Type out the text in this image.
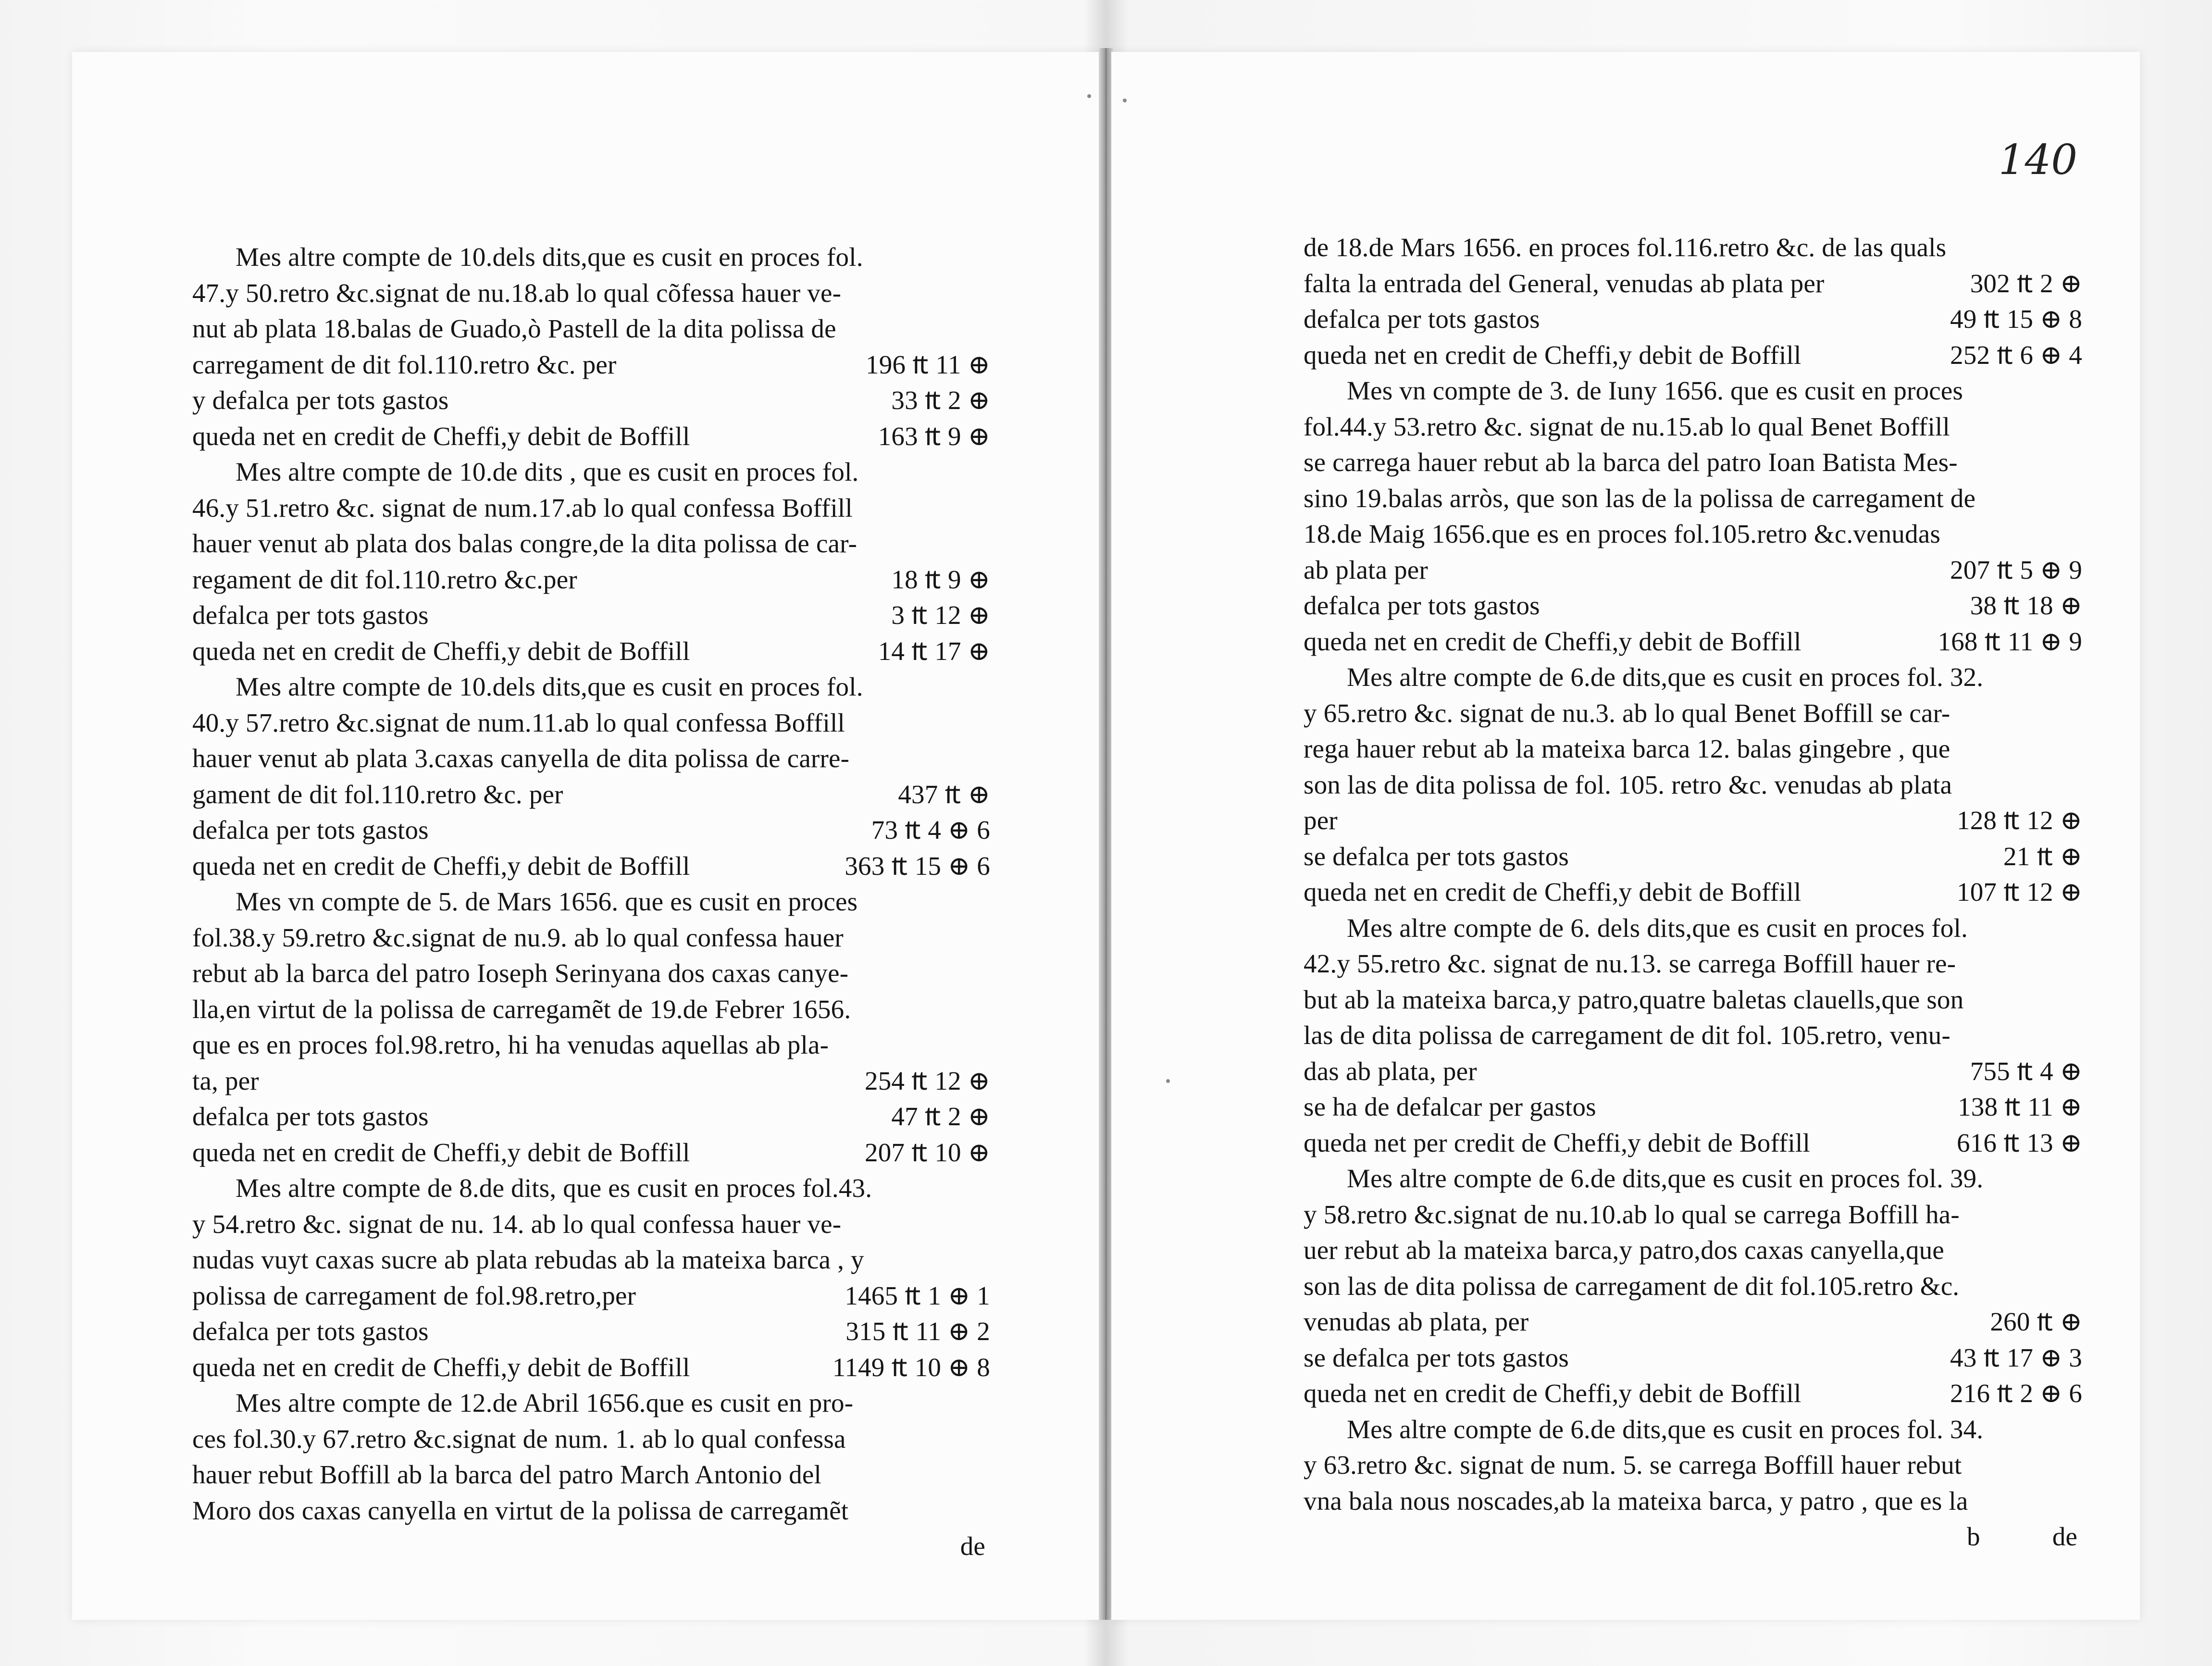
Mes altre compte de 10.dels dits,que es cusit en proces fol.
47.y 50.retro &c.signat de nu.18.ab lo qual cõfessa hauer ve-
nut ab plata 18.balas de Guado,ò Pastell de la dita polissa de
carregament de dit fol.110.retro &c. per	196 ₶ 11 ⊕
y defalca per tots gastos	33 ₶ 2 ⊕
queda net en credit de Cheffi,y debit de Boffill	163 ₶ 9 ⊕
Mes altre compte de 10.de dits , que es cusit en proces fol.
46.y 51.retro &c. signat de num.17.ab lo qual confessa Boffill
hauer venut ab plata dos balas congre,de la dita polissa de car-
regament de dit fol.110.retro &c.per	18 ₶ 9 ⊕
defalca per tots gastos	3 ₶ 12 ⊕
queda net en credit de Cheffi,y debit de Boffill	14 ₶ 17 ⊕
Mes altre compte de 10.dels dits,que es cusit en proces fol.
40.y 57.retro &c.signat de num.11.ab lo qual confessa Boffill
hauer venut ab plata 3.caxas canyella de dita polissa de carre-
gament de dit fol.110.retro &c. per	437 ₶ ⊕
defalca per tots gastos	73 ₶ 4 ⊕ 6
queda net en credit de Cheffi,y debit de Boffill	363 ₶ 15 ⊕ 6
Mes vn compte de 5. de Mars 1656. que es cusit en proces
fol.38.y 59.retro &c.signat de nu.9. ab lo qual confessa hauer
rebut ab la barca del patro Ioseph Serinyana dos caxas canye-
lla,en virtut de la polissa de carregamẽt de 19.de Febrer 1656.
que es en proces fol.98.retro, hi ha venudas aquellas ab pla-
ta, per	254 ₶ 12 ⊕
defalca per tots gastos	47 ₶ 2 ⊕
queda net en credit de Cheffi,y debit de Boffill	207 ₶ 10 ⊕
Mes altre compte de 8.de dits, que es cusit en proces fol.43.
y 54.retro &c. signat de nu. 14. ab lo qual confessa hauer ve-
nudas vuyt caxas sucre ab plata rebudas ab la mateixa barca , y
polissa de carregament de fol.98.retro,per	1465 ₶ 1 ⊕ 1
defalca per tots gastos	315 ₶ 11 ⊕ 2
queda net en credit de Cheffi,y debit de Boffill	1149 ₶ 10 ⊕ 8
Mes altre compte de 12.de Abril 1656.que es cusit en pro-
ces fol.30.y 67.retro &c.signat de num. 1. ab lo qual confessa
hauer rebut Boffill ab la barca del patro March Antonio del
Moro dos caxas canyella en virtut de la polissa de carregamẽt
de
140
de 18.de Mars 1656. en proces fol.116.retro &c. de las quals
falta la entrada del General, venudas ab plata per	302 ₶ 2 ⊕
defalca per tots gastos	49 ₶ 15 ⊕ 8
queda net en credit de Cheffi,y debit de Boffill	252 ₶ 6 ⊕ 4
Mes vn compte de 3. de Iuny 1656. que es cusit en proces
fol.44.y 53.retro &c. signat de nu.15.ab lo qual Benet Boffill
se carrega hauer rebut ab la barca del patro Ioan Batista Mes-
sino 19.balas arròs, que son las de la polissa de carregament de
18.de Maig 1656.que es en proces fol.105.retro &c.venudas
ab plata per	207 ₶ 5 ⊕ 9
defalca per tots gastos	38 ₶ 18 ⊕
queda net en credit de Cheffi,y debit de Boffill	168 ₶ 11 ⊕ 9
Mes altre compte de 6.de dits,que es cusit en proces fol. 32.
y 65.retro &c. signat de nu.3. ab lo qual Benet Boffill se car-
rega hauer rebut ab la mateixa barca 12. balas gingebre , que
son las de dita polissa de fol. 105. retro &c. venudas ab plata
per	128 ₶ 12 ⊕
se defalca per tots gastos	21 ₶ ⊕
queda net en credit de Cheffi,y debit de Boffill	107 ₶ 12 ⊕
Mes altre compte de 6. dels dits,que es cusit en proces fol.
42.y 55.retro &c. signat de nu.13. se carrega Boffill hauer re-
but ab la mateixa barca,y patro,quatre baletas clauells,que son
las de dita polissa de carregament de dit fol. 105.retro, venu-
das ab plata, per	755 ₶ 4 ⊕
se ha de defalcar per gastos	138 ₶ 11 ⊕
queda net per credit de Cheffi,y debit de Boffill	616 ₶ 13 ⊕
Mes altre compte de 6.de dits,que es cusit en proces fol. 39.
y 58.retro &c.signat de nu.10.ab lo qual se carrega Boffill ha-
uer rebut ab la mateixa barca,y patro,dos caxas canyella,que
son las de dita polissa de carregament de dit fol.105.retro &c.
venudas ab plata, per	260 ₶ ⊕
se defalca per tots gastos	43 ₶ 17 ⊕ 3
queda net en credit de Cheffi,y debit de Boffill	216 ₶ 2 ⊕ 6
Mes altre compte de 6.de dits,que es cusit en proces fol. 34.
y 63.retro &c. signat de num. 5. se carrega Boffill hauer rebut
vna bala nous noscades,ab la mateixa barca, y patro , que es la
b	de
